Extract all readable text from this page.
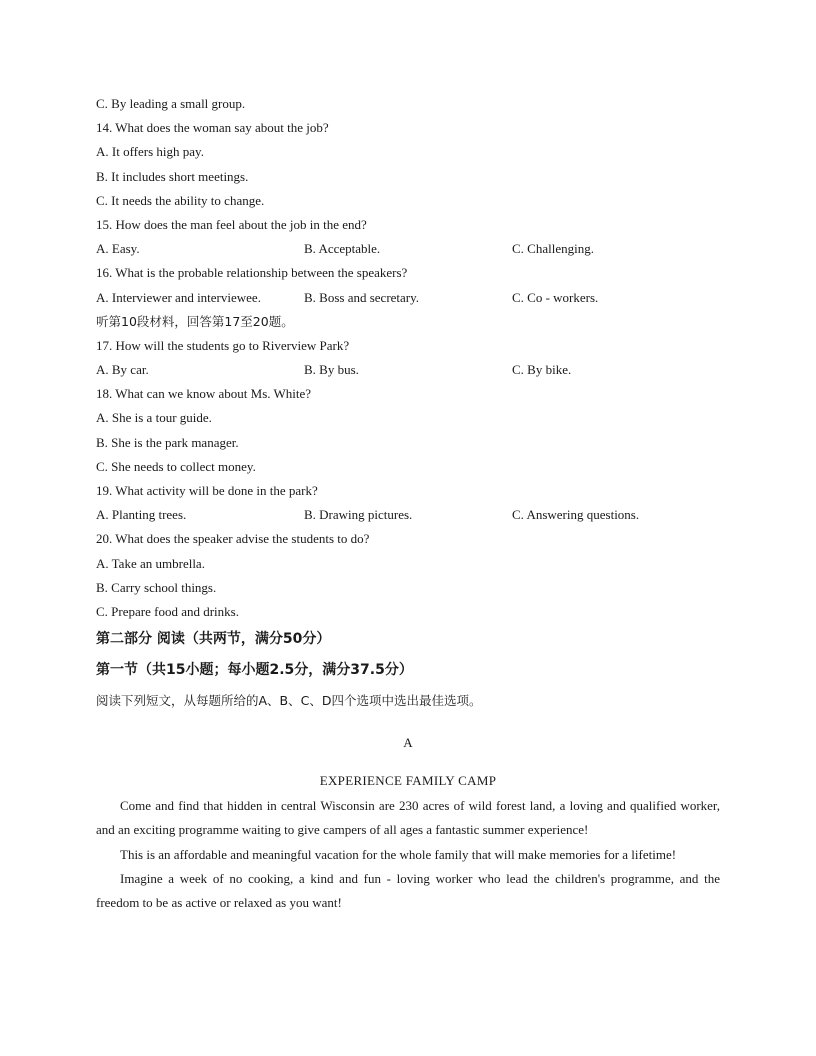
C. By leading a small group.
14. What does the woman say about the job?
A. It offers high pay.
B. It includes short meetings.
C. It needs the ability to change.
15. How does the man feel about the job in the end?
A. Easy.	B. Acceptable.	C. Challenging.
16. What is the probable relationship between the speakers?
A. Interviewer and interviewee.	B. Boss and secretary.	C. Co - workers.
听第10段材料，回答第17至20题。
17. How will the students go to Riverview Park?
A. By car.	B. By bus.	C. By bike.
18. What can we know about Ms. White?
A. She is a tour guide.
B. She is the park manager.
C. She needs to collect money.
19. What activity will be done in the park?
A. Planting trees.	B. Drawing pictures.	C. Answering questions.
20. What does the speaker advise the students to do?
A. Take an umbrella.
B. Carry school things.
C. Prepare food and drinks.
第二部分 阅读（共两节，满分50分）
第一节（共15小题；每小题2.5分，满分37.5分）
阅读下列短文，从每题所给的A、B、C、D四个选项中选出最佳选项。
A
EXPERIENCE FAMILY CAMP
Come and find that hidden in central Wisconsin are 230 acres of wild forest land, a loving and qualified worker, and an exciting programme waiting to give campers of all ages a fantastic summer experience!
This is an affordable and meaningful vacation for the whole family that will make memories for a lifetime!
Imagine a week of no cooking, a kind and fun - loving worker who lead the children's programme, and the freedom to be as active or relaxed as you want!
